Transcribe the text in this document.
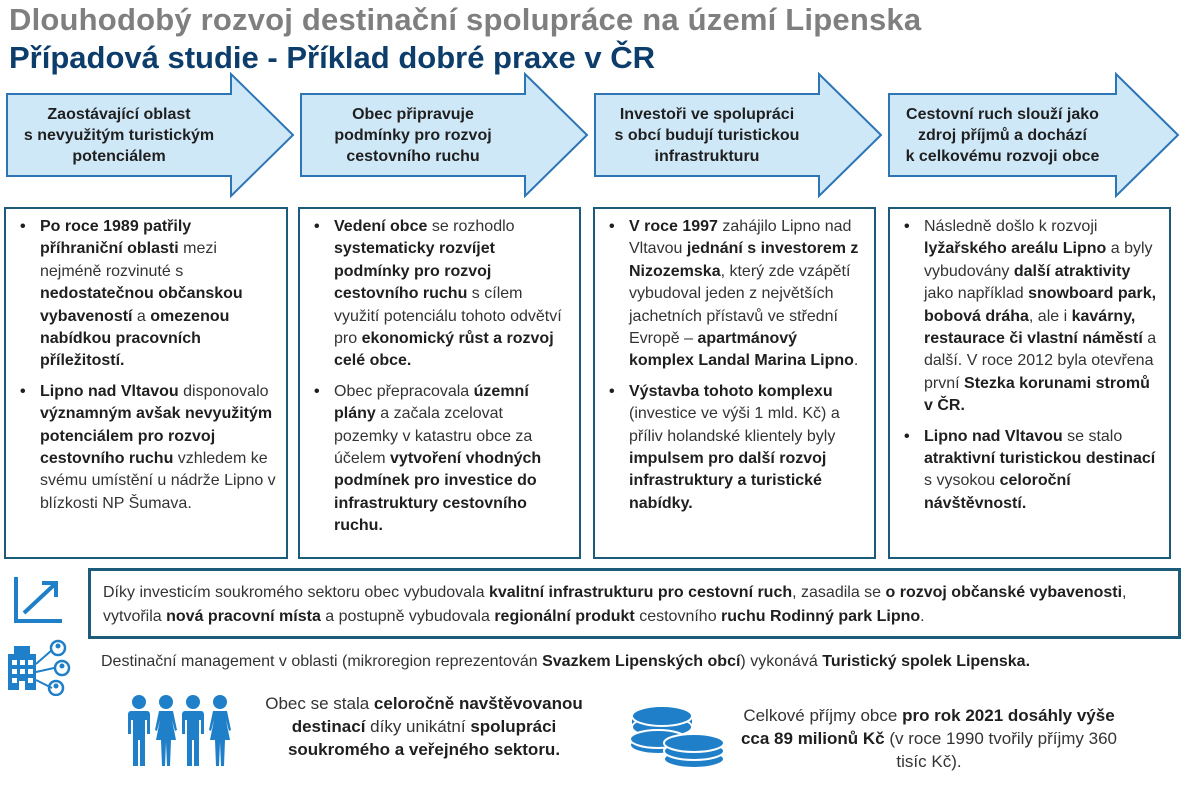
Dlouhodobý rozvoj destinační spolupráce na území Lipenska
Případová studie - Příklad dobré praxe v ČR
Zaostávající oblast
s nevyužitým turistickým
potenciálem
Obec připravuje
podmínky pro rozvoj
cestovního ruchu
Investoři ve spolupráci
s obcí budují turistickou
infrastrukturu
Cestovní ruch slouží jako
zdroj příjmů a dochází
k celkovému rozvoji obce
• Po roce 1989 patřily příhraniční oblasti mezi nejméně rozvinuté s nedostatečnou občanskou vybaveností a omezenou nabídkou pracovních příležitostí.
• Lipno nad Vltavou disponovalo významným avšak nevyužitým potenciálem pro rozvoj cestovního ruchu vzhledem ke svému umístění u nádrže Lipno v blízkosti NP Šumava.
• Vedení obce se rozhodlo systematicky rozvíjet podmínky pro rozvoj cestovního ruchu s cílem využití potenciálu tohoto odvětví pro ekonomický růst a rozvoj celé obce.
• Obec přepracovala územní plány a začala zcelovat pozemky v katastru obce za účelem vytvoření vhodných podmínek pro investice do infrastruktury cestovního ruchu.
• V roce 1997 zahájilo Lipno nad Vltavou jednání s investorem z Nizozemska, který zde vzápětí vybudoval jeden z největších jachetních přístavů ve střední Evropě – apartmánový komplex Landal Marina Lipno.
• Výstavba tohoto komplexu (investice ve výši 1 mld. Kč) a příliv holandské klientely byly impulsem pro další rozvoj infrastruktury a turistické nabídky.
• Následně došlo k rozvoji lyžařského areálu Lipno a byly vybudovány další atraktivity jako například snowboard park, bobová dráha, ale i kavárny, restaurace či vlastní náměstí a další. V roce 2012 byla otevřena první Stezka korunami stromů v ČR.
• Lipno nad Vltavou se stalo atraktivní turistickou destinací s vysokou celoroční návštěvností.
Díky investicím soukromého sektoru obec vybudovala kvalitní infrastrukturu pro cestovní ruch, zasadila se o rozvoj občanské vybavenosti, vytvořila nová pracovní místa a postupně vybudovala regionální produkt cestovního ruchu Rodinný park Lipno.
Destinační management v oblasti (mikroregion reprezentován Svazkem Lipenských obcí) vykonává Turistický spolek Lipenska.
Obec se stala celoročně navštěvovanou destinací díky unikátní spolupráci soukromého a veřejného sektoru.
Celkové příjmy obce pro rok 2021 dosáhly výše cca 89 milionů Kč (v roce 1990 tvořily příjmy 360 tisíc Kč).
